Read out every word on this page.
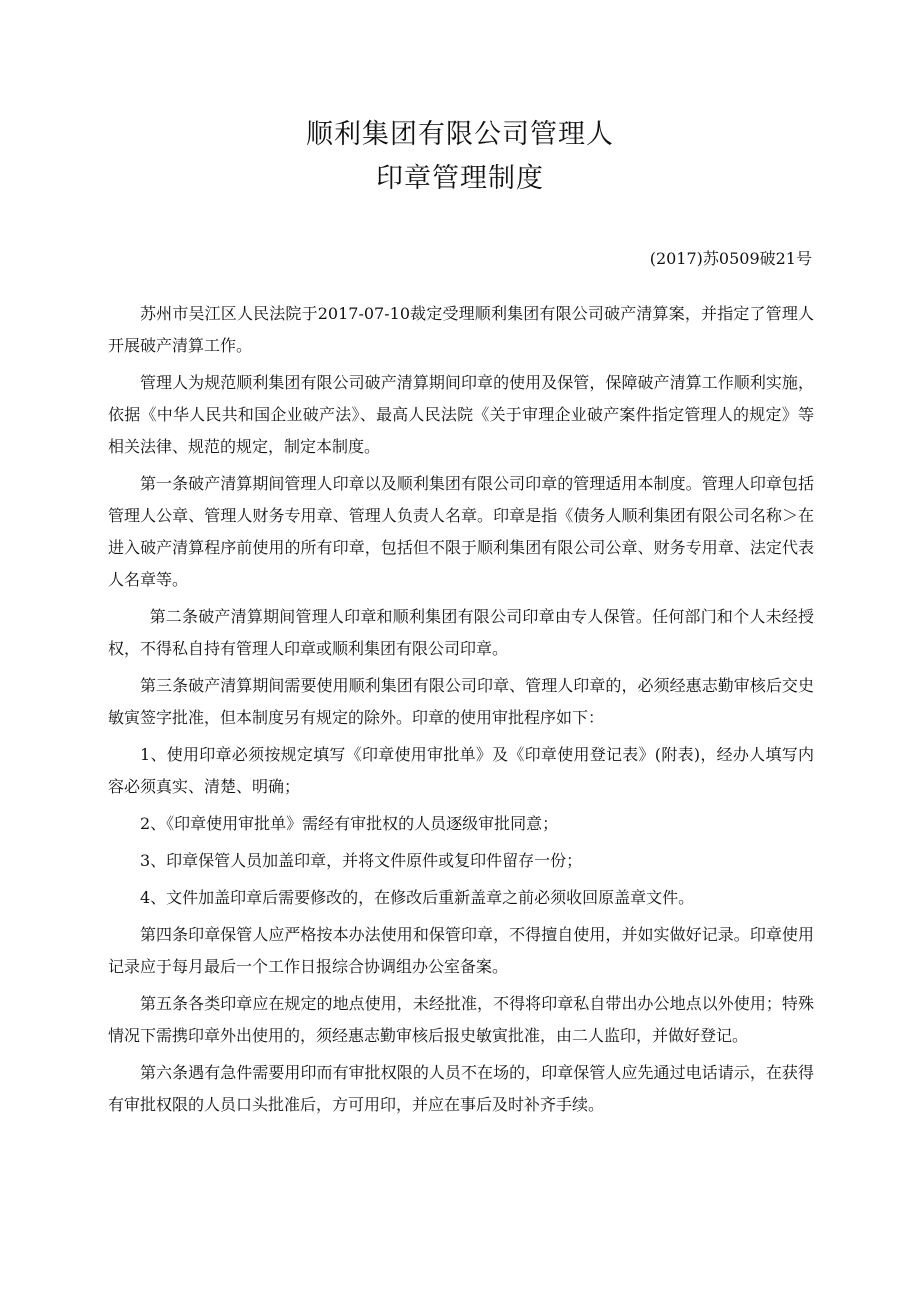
顺利集团有限公司管理人
印章管理制度
(2017)苏0509破21号

苏州市吴江区人民法院于2017-07-10裁定受理顺利集团有限公司破产清算案，并指定了管理人开展破产清算工作。

管理人为规范顺利集团有限公司破产清算期间印章的使用及保管，保障破产清算工作顺利实施，依据《中华人民共和国企业破产法》、最高人民法院《关于审理企业破产案件指定管理人的规定》等相关法律、规范的规定，制定本制度。

第一条破产清算期间管理人印章以及顺利集团有限公司印章的管理适用本制度。管理人印章包括管理人公章、管理人财务专用章、管理人负责人名章。印章是指《债务人顺利集团有限公司名称＞在进入破产清算程序前使用的所有印章，包括但不限于顺利集团有限公司公章、财务专用章、法定代表人名章等。

第二条破产清算期间管理人印章和顺利集团有限公司印章由专人保管。任何部门和个人未经授权，不得私自持有管理人印章或顺利集团有限公司印章。

第三条破产清算期间需要使用顺利集团有限公司印章、管理人印章的，必须经惠志勤审核后交史敏寅签字批准，但本制度另有规定的除外。印章的使用审批程序如下：

1、使用印章必须按规定填写《印章使用审批单》及《印章使用登记表》(附表)，经办人填写内容必须真实、清楚、明确；

2、《印章使用审批单》需经有审批权的人员逐级审批同意；

3、印章保管人员加盖印章，并将文件原件或复印件留存一份；

4、文件加盖印章后需要修改的，在修改后重新盖章之前必须收回原盖章文件。

第四条印章保管人应严格按本办法使用和保管印章，不得擅自使用，并如实做好记录。印章使用记录应于每月最后一个工作日报综合协调组办公室备案。

第五条各类印章应在规定的地点使用，未经批准，不得将印章私自带出办公地点以外使用；特殊情况下需携印章外出使用的，须经惠志勤审核后报史敏寅批准，由二人监印，并做好登记。

第六条遇有急件需要用印而有审批权限的人员不在场的，印章保管人应先通过电话请示，在获得有审批权限的人员口头批准后，方可用印，并应在事后及时补齐手续。
